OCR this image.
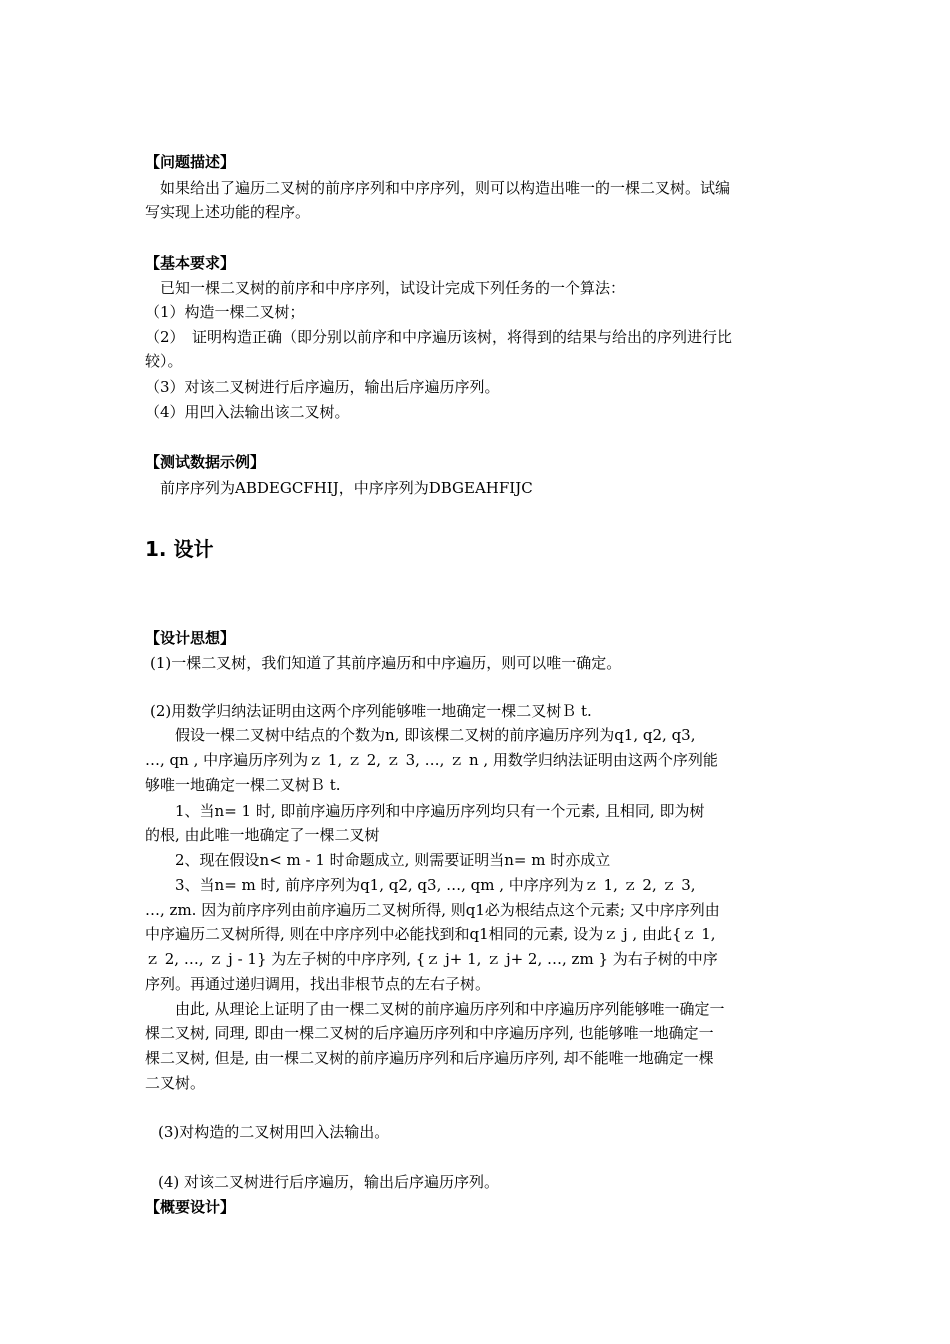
【问题描述】
　如果给出了遍历二叉树的前序序列和中序序列，则可以构造出唯一的一棵二叉树。试编
写实现上述功能的程序。
【基本要求】
　已知一棵二叉树的前序和中序序列，试设计完成下列任务的一个算法：
（1）构造一棵二叉树；
（2）　证明构造正确（即分别以前序和中序遍历该树，将得到的结果与给出的序列进行比
较）。
（3）对该二叉树进行后序遍历，输出后序遍历序列。
（4）用凹入法输出该二叉树。
【测试数据示例】
　前序序列为ABDEGCFHIJ，中序序列为DBGEAHFIJC
1. 设计
【设计思想】
(1)一棵二叉树，我们知道了其前序遍历和中序遍历，则可以唯一确定。
(2)用数学归纳法证明由这两个序列能够唯一地确定一棵二叉树Ｂ t.
　　假设一棵二叉树中结点的个数为n, 即该棵二叉树的前序遍历序列为q1, q2, q3,
…, qn , 中序遍历序列为ｚ 1, ｚ 2, ｚ 3, …, ｚ n , 用数学归纳法证明由这两个序列能
够唯一地确定一棵二叉树Ｂ t.
　　1、当n= 1 时, 即前序遍历序列和中序遍历序列均只有一个元素, 且相同, 即为树
的根, 由此唯一地确定了一棵二叉树
　　2、现在假设n< m - 1 时命题成立, 则需要证明当n= m 时亦成立
　　3、当n= m 时, 前序序列为q1, q2, q3, …, qm , 中序序列为ｚ 1, ｚ 2, ｚ 3,
…, zm. 因为前序序列由前序遍历二叉树所得, 则q1必为根结点这个元素; 又中序序列由
中序遍历二叉树所得, 则在中序序列中必能找到和q1相同的元素, 设为ｚ j , 由此{ｚ 1,
ｚ 2, …, ｚ j - 1} 为左子树的中序序列, {ｚ j+ 1, ｚ j+ 2, …, zm } 为右子树的中序
序列。再通过递归调用，找出非根节点的左右子树。
　　由此, 从理论上证明了由一棵二叉树的前序遍历序列和中序遍历序列能够唯一确定一
棵二叉树, 同理, 即由一棵二叉树的后序遍历序列和中序遍历序列, 也能够唯一地确定一
棵二叉树, 但是, 由一棵二叉树的前序遍历序列和后序遍历序列, 却不能唯一地确定一棵
二叉树。
(3)对构造的二叉树用凹入法输出。
(4) 对该二叉树进行后序遍历，输出后序遍历序列。
【概要设计】
